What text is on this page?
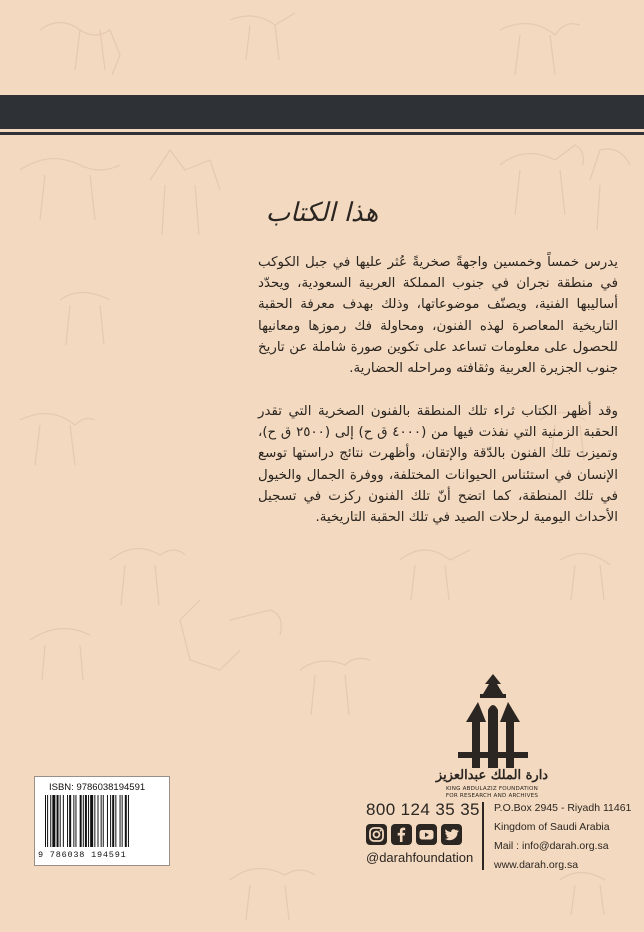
هذا الكتاب
يدرس خمساً وخمسين واجهةً صخريةً عُثر عليها في جبل الكوكب في منطقة نجران في جنوب المملكة العربية السعودية، ويحدّد أساليبها الفنية، ويصنّف موضوعاتها، وذلك بهدف معرفة الحقبة التاريخية المعاصرة لهذه الفنون، ومحاولة فك رموزها ومعانيها للحصول على معلومات تساعد على تكوين صورة شاملة عن تاريخ جنوب الجزيرة العربية وثقافته ومراحله الحضارية.
وقد أظهر الكتاب ثراء تلك المنطقة بالفنون الصخرية التي تقدر الحقبة الزمنية التي نفذت فيها من (٤٠٠٠ ق ح) إلى (٢٥٠٠ ق ح)، وتميزت تلك الفنون بالدّقة والإتقان، وأظهرت نتائج دراستها توسع الإنسان في استئناس الحيوانات المختلفة، ووفرة الجمال والخيول في تلك المنطقة، كما اتضح أنّ تلك الفنون ركزت في تسجيل الأحداث اليومية لرحلات الصيد في تلك الحقبة التاريخية.
دارة الملك عبدالعزيز
KING ABDULAZIZ FOUNDATION
FOR RESEARCH AND ARCHIVES
800 124 35 35
@darahfoundation
P.O.Box 2945 - Riyadh 11461
Kingdom of Saudi Arabia
Mail : info@darah.org.sa
www.darah.org.sa
ISBN: 9786038194591
9 786038 194591
